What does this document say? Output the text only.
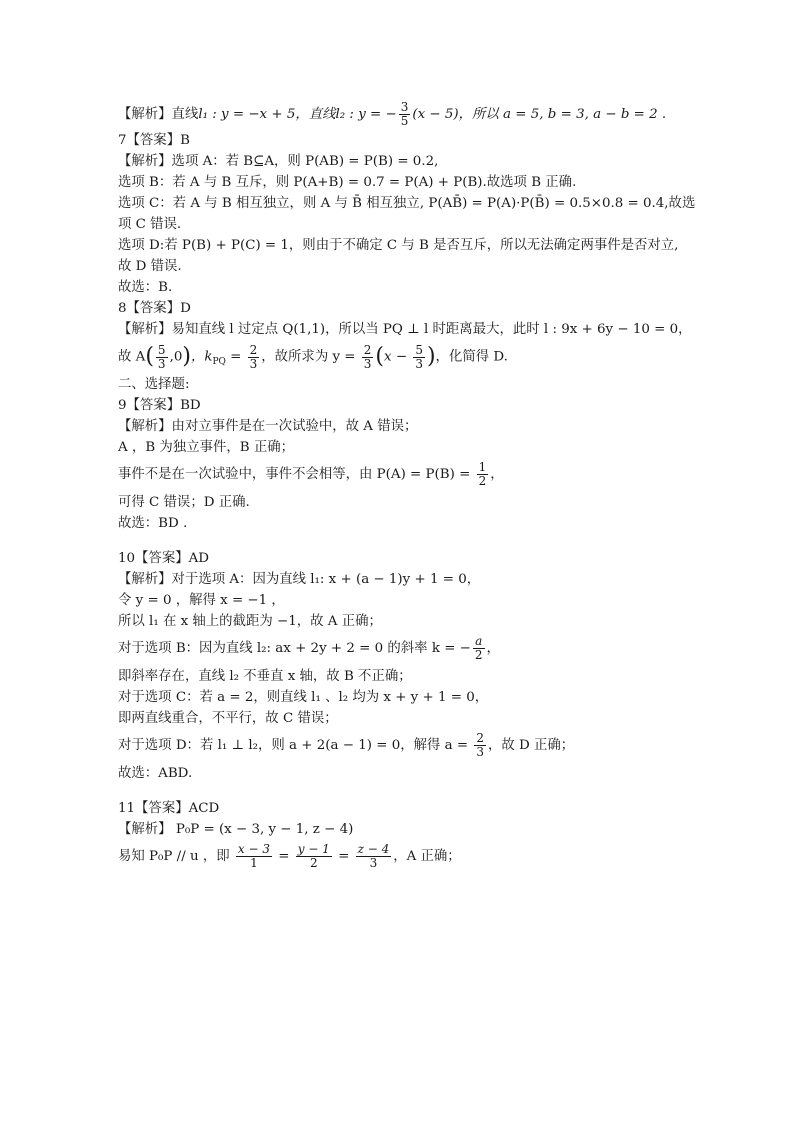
【解析】直线l₁ : y = −x + 5，直线l₂ : y = − $\frac{3}{5} (x - 5)$，所以 a = 5, b = 3, a − b = 2 .
7【答案】B
【解析】选项 A：若 B⊆A，则 P(AB) = P(B) = 0.2,
选项 B：若 A 与 B 互斥，则 P(A+B) = 0.7 = P(A) + P(B).故选项 B 正确.
选项 C：若 A 与 B 相互独立，则 A 与 B̄ 相互独立, P(AB̄) = P(A)·P(B̄) = 0.5×0.8 = 0.4,故选
项 C 错误.
选项 D:若 P(B) + P(C) = 1，则由于不确定 C 与 B 是否互斥，所以无法确定两事件是否对立,
故 D 错误.
故选：B.
8【答案】D
【解析】易知直线 l 过定点 Q(1,1)，所以当 PQ ⊥ l 时距离最大，此时 l : 9x + 6y − 10 = 0，
故 $A( \frac{5}{3} ,0)$，$k_{PQ} = \frac{2}{3}$ ，故所求为 $y = \frac{2}{3} (x - \frac{5}{3}$ )，化简得 D.
二、选择题:
9【答案】BD
【解析】由对立事件是在一次试验中，故 A 错误；
A ，B 为独立事件，B 正确；
事件不是在一次试验中，事件不会相等，由 $P(A) = P(B) = \frac{1}{2}$ ，
可得 C 错误；D 正确.
故选：BD .
10【答案】AD
【解析】对于选项 A：因为直线 l₁: x + (a − 1)y + 1 = 0，
令 y = 0 ，解得 x = −1 ，
所以 l₁ 在 x 轴上的截距为 −1，故 A 正确；
对于选项 B：因为直线 l₂: ax + 2y + 2 = 0 的斜率 k = − $\frac{a}{2}$ ，
即斜率存在，直线 l₂ 不垂直 x 轴，故 B 不正确；
对于选项 C：若 a = 2，则直线 l₁ 、l₂ 均为 x + y + 1 = 0，
即两直线重合，不平行，故 C 错误；
对于选项 D：若 l₁ ⊥ l₂，则 a + 2(a − 1) = 0，解得 $a = \frac{2}{3}$ ，故 D 正确；
故选：ABD.
11【答案】ACD
【解析】 P₀P = (x − 3, y − 1, z − 4)
易知 P₀P // u ，即 $\frac{x - 3}{1} = \frac{y - 1}{2} = \frac{z - 4}{3}$ ，A 正确；
